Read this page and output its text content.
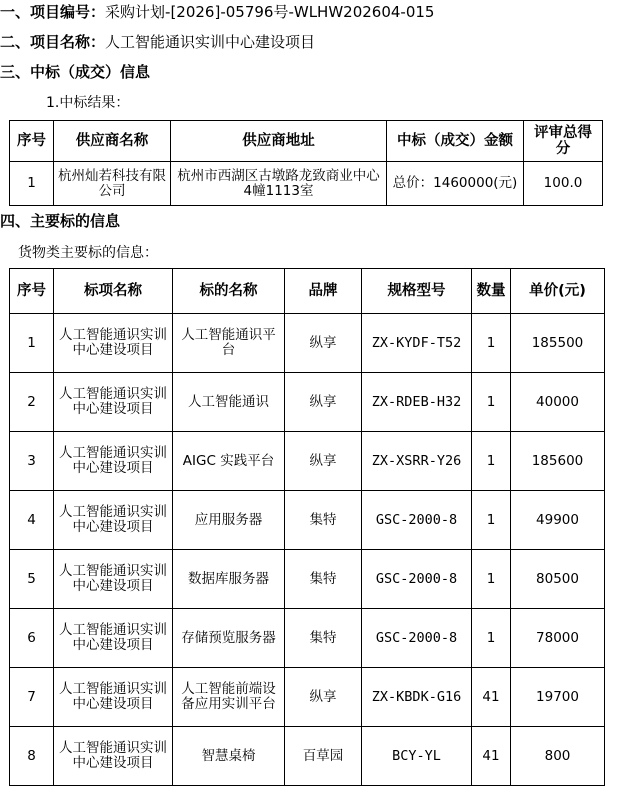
一、项目编号：采购计划-[2026]-05796号-WLHW202604-015
二、项目名称：人工智能通识实训中心建设项目
三、中标（成交）信息
1.中标结果：
序号	供应商名称	供应商地址	中标（成交）金额	评审总得分
1	杭州灿若科技有限公司	杭州市西湖区古墩路龙致商业中心4幢1113室	总价：1460000(元)	100.0
四、主要标的信息
货物类主要标的信息：
序号	标项名称	标的名称	品牌	规格型号	数量	单价(元)
1	人工智能通识实训中心建设项目	人工智能通识平台	纵享	ZX-KYDF-T52	1	185500
2	人工智能通识实训中心建设项目	人工智能通识	纵享	ZX-RDEB-H32	1	40000
3	人工智能通识实训中心建设项目	AIGC 实践平台	纵享	ZX-XSRR-Y26	1	185600
4	人工智能通识实训中心建设项目	应用服务器	集特	GSC-2000-8	1	49900
5	人工智能通识实训中心建设项目	数据库服务器	集特	GSC-2000-8	1	80500
6	人工智能通识实训中心建设项目	存储预览服务器	集特	GSC-2000-8	1	78000
7	人工智能通识实训中心建设项目	人工智能前端设备应用实训平台	纵享	ZX-KBDK-G16	41	19700
8	人工智能通识实训中心建设项目	智慧桌椅	百草园	BCY-YL	41	800
